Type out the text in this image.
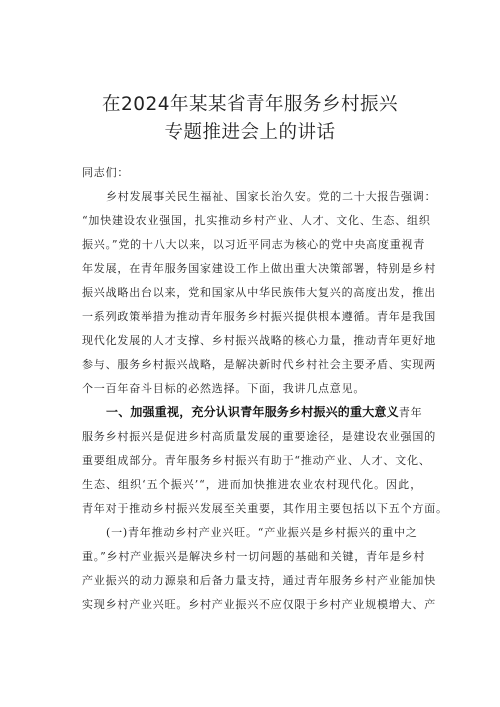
在2024年某某省青年服务乡村振兴
专题推进会上的讲话
同志们：
乡村发展事关民生福祉、国家长治久安。党的二十大报告强调：
“加快建设农业强国，扎实推动乡村产业、人才、文化、生态、组织
振兴。”党的十八大以来，以习近平同志为核心的党中央高度重视青
年发展，在青年服务国家建设工作上做出重大决策部署，特别是乡村
振兴战略出台以来，党和国家从中华民族伟大复兴的高度出发，推出
一系列政策举措为推动青年服务乡村振兴提供根本遵循。青年是我国
现代化发展的人才支撑、乡村振兴战略的核心力量，推动青年更好地
参与、服务乡村振兴战略，是解决新时代乡村社会主要矛盾、实现两
个一百年奋斗目标的必然选择。下面，我讲几点意见。
一、加强重视，充分认识青年服务乡村振兴的重大意义青年
服务乡村振兴是促进乡村高质量发展的重要途径，是建设农业强国的
重要组成部分。青年服务乡村振兴有助于“推动产业、人才、文化、
生态、组织‘五个振兴’“，进而加快推进农业农村现代化。因此，
青年对于推动乡村振兴发展至关重要，其作用主要包括以下五个方面。
(一)青年推动乡村产业兴旺。“产业振兴是乡村振兴的重中之
重。”乡村产业振兴是解决乡村一切问题的基础和关键，青年是乡村
产业振兴的动力源泉和后备力量支持，通过青年服务乡村产业能加快
实现乡村产业兴旺。乡村产业振兴不应仅限于乡村产业规模增大、产
